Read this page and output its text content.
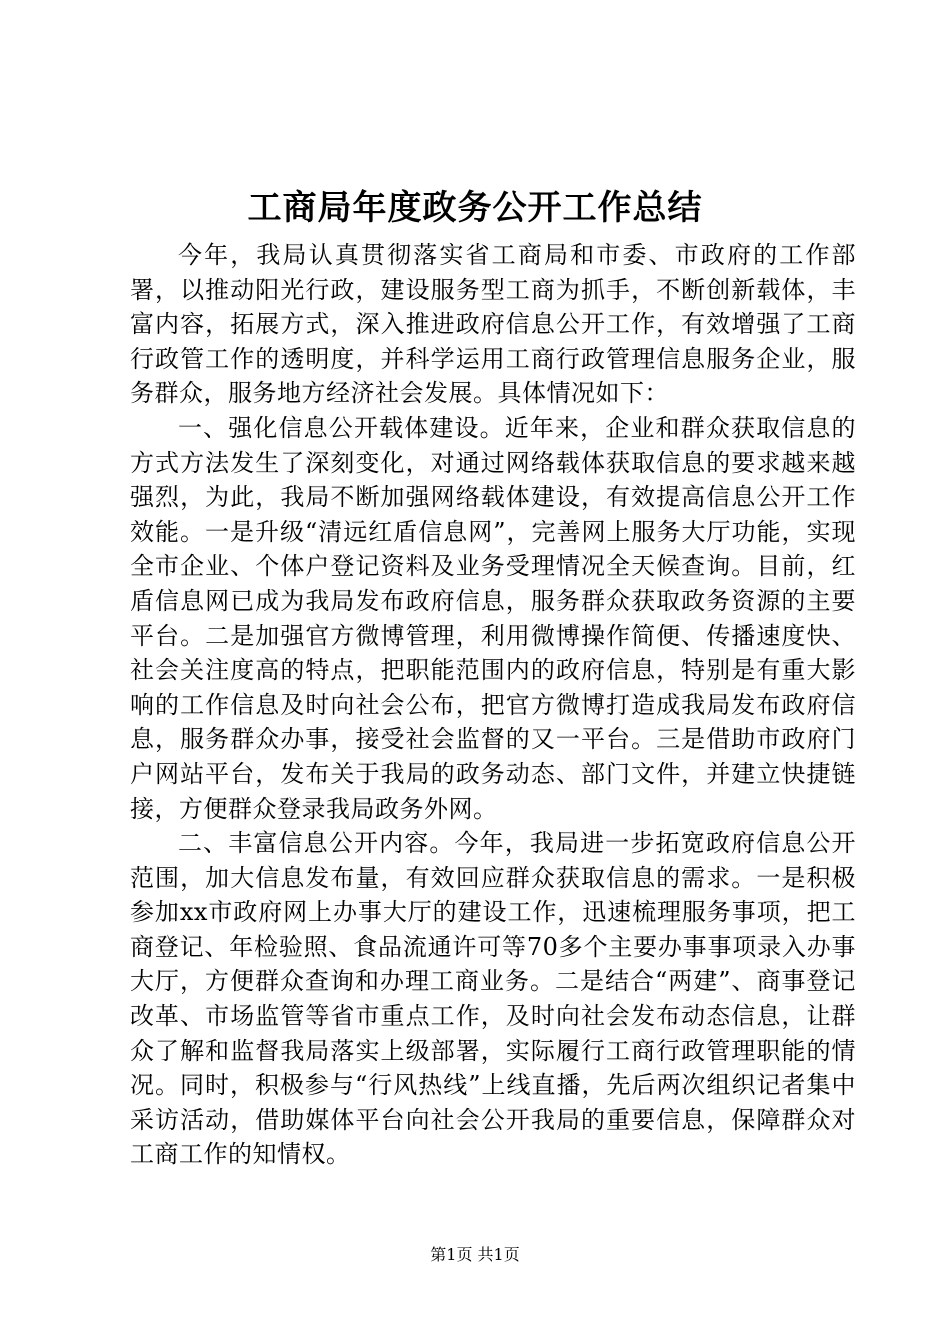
工商局年度政务公开工作总结

今年，我局认真贯彻落实省工商局和市委、市政府的工作部署，以推动阳光行政，建设服务型工商为抓手，不断创新载体，丰富内容，拓展方式，深入推进政府信息公开工作，有效增强了工商行政管工作的透明度，并科学运用工商行政管理信息服务企业，服务群众，服务地方经济社会发展。具体情况如下：

一、强化信息公开载体建设。近年来，企业和群众获取信息的方式方法发生了深刻变化，对通过网络载体获取信息的要求越来越强烈，为此，我局不断加强网络载体建设，有效提高信息公开工作效能。一是升级“清远红盾信息网”，完善网上服务大厅功能，实现全市企业、个体户登记资料及业务受理情况全天候查询。目前，红盾信息网已成为我局发布政府信息，服务群众获取政务资源的主要平台。二是加强官方微博管理，利用微博操作简便、传播速度快、社会关注度高的特点，把职能范围内的政府信息，特别是有重大影响的工作信息及时向社会公布，把官方微博打造成我局发布政府信息，服务群众办事，接受社会监督的又一平台。三是借助市政府门户网站平台，发布关于我局的政务动态、部门文件，并建立快捷链接，方便群众登录我局政务外网。

二、丰富信息公开内容。今年，我局进一步拓宽政府信息公开范围，加大信息发布量，有效回应群众获取信息的需求。一是积极参加xx市政府网上办事大厅的建设工作，迅速梳理服务事项，把工商登记、年检验照、食品流通许可等70多个主要办事事项录入办事大厅，方便群众查询和办理工商业务。二是结合“两建”、商事登记改革、市场监管等省市重点工作，及时向社会发布动态信息，让群众了解和监督我局落实上级部署，实际履行工商行政管理职能的情况。同时，积极参与“行风热线”上线直播，先后两次组织记者集中采访活动，借助媒体平台向社会公开我局的重要信息，保障群众对工商工作的知情权。

第1页 共1页
